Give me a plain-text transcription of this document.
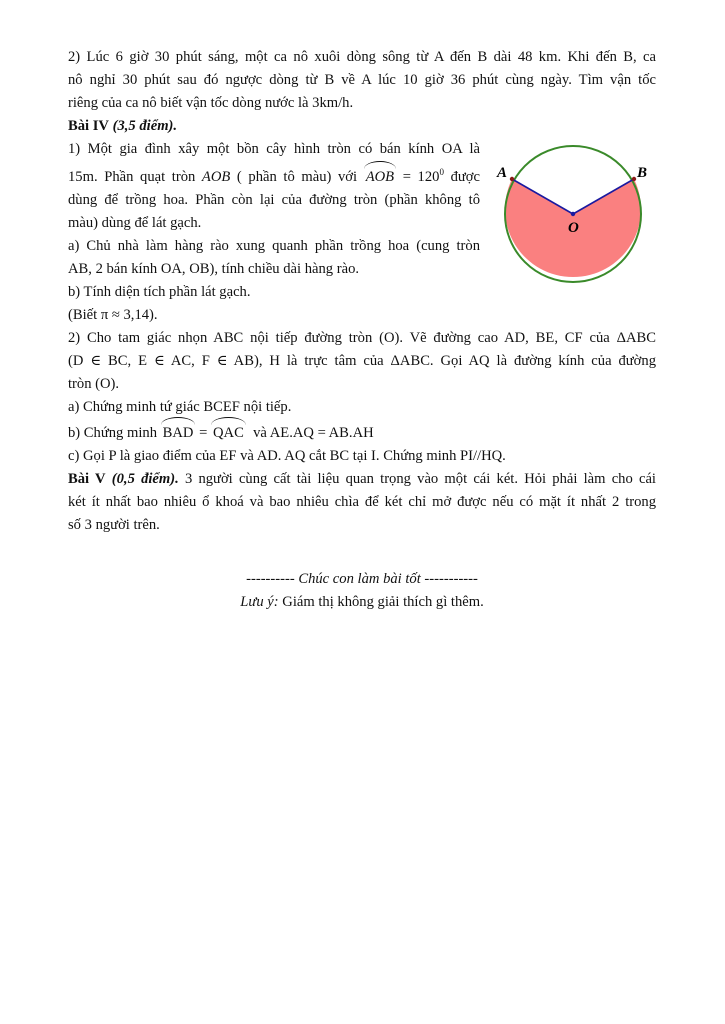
2) Lúc 6 giờ 30 phút sáng, một ca nô xuôi dòng sông từ A đến B dài 48 km. Khi đến B, ca

nô nghỉ 30 phút sau đó ngược dòng từ B về A lúc 10 giờ 36 phút cùng ngày. Tìm vận tốc

riêng của ca nô biết vận tốc dòng nước là 3km/h.

Bài IV (3,5 điểm).

1) Một gia đình xây một bồn cây hình tròn có bán kính OA là

15m. Phần quạt tròn AOB ( phần tô màu) với AOB = $120^0$ được

dùng để trồng hoa. Phần còn lại của đường tròn (phần không tô

màu) dùng để lát gạch.

a) Chủ nhà làm hàng rào xung quanh phần trồng hoa (cung tròn

AB, 2 bán kính OA, OB), tính chiều dài hàng rào.

b) Tính diện tích phần lát gạch.

(Biết π ≈ 3,14).

2) Cho tam giác nhọn ABC nội tiếp đường tròn (O). Vẽ đường cao AD, BE, CF của ΔABC

(D ∈ BC, E ∈ AC, F ∈ AB), H là trực tâm của ΔABC. Gọi AQ là đường kính của đường

tròn (O).

a) Chứng minh tứ giác BCEF nội tiếp.

b) Chứng minh BAD = QAC và AE.AQ = AB.AH

c) Gọi P là giao điểm của EF và AD. AQ cắt BC tại I. Chứng minh PI//HQ.

Bài V (0,5 điểm). 3 người cùng cất tài liệu quan trọng vào một cái két. Hỏi phải làm cho cái

két ít nhất bao nhiêu ổ khoá và bao nhiêu chìa để két chỉ mở được nếu có mặt ít nhất 2 trong

số 3 người trên.

A	B
O
---------- Chúc con làm bài tốt -----------
Lưu ý: Giám thị không giải thích gì thêm.
